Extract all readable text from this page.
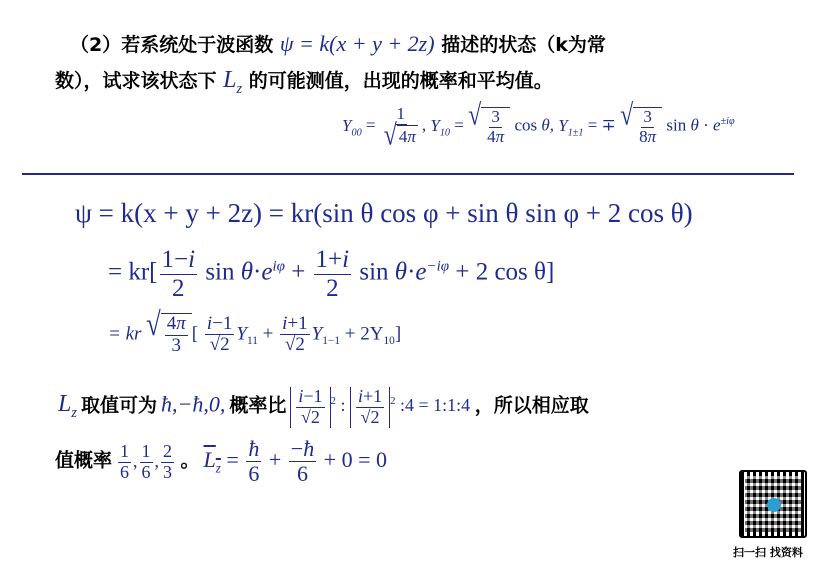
（2）若系统处于波函数 ψ = k(x + y + 2z) 描述的状态（k为常
数），试求该状态下 $L_z$ 的可能测值，出现的概率和平均值。
$Y_{00} = \frac{1}{√ 4 \pi}$ , $Y_{10}$ = √ $\frac{3}{4\pi}$ cos θ, $Y_{1\pm 1}$ = ∓ √ $\frac{3}{8\pi}$ $\sin \theta \cdot e^{\pm i\varphi}$
ψ = k(x + y + 2z) = kr(sin θ cos φ + sin θ sin φ + 2 cos θ)
= $kr[ \frac{1-i}{2}$ $\sin \theta\cdot e^{i\varphi} + \frac{1+i}{2}$ $\sin \theta\cdot e^{-i\varphi} + 2$ cos θ]
= kr √ $\frac{4\pi}{3}$ [ $\frac{i-1}{√2} Y_{11} + \frac{i+1}{√2} Y_{1-1} + 2Y_{10}$]
$L_z$ 取值可为 ħ,−ħ,0, 概率比 $\frac{i-1}{√2} ^2$ : $\frac{i+1}{√2} ^2$ :4 = 1:1:4 ，所以相应取
值概率 $\frac{1}{6}$ , $\frac{1}{6}$ , $\frac{2}{3}$ 。 $L_z = \frac{ħ}{6} + \frac{-ħ}{6} + 0 = 0$
扫一扫 找资料
